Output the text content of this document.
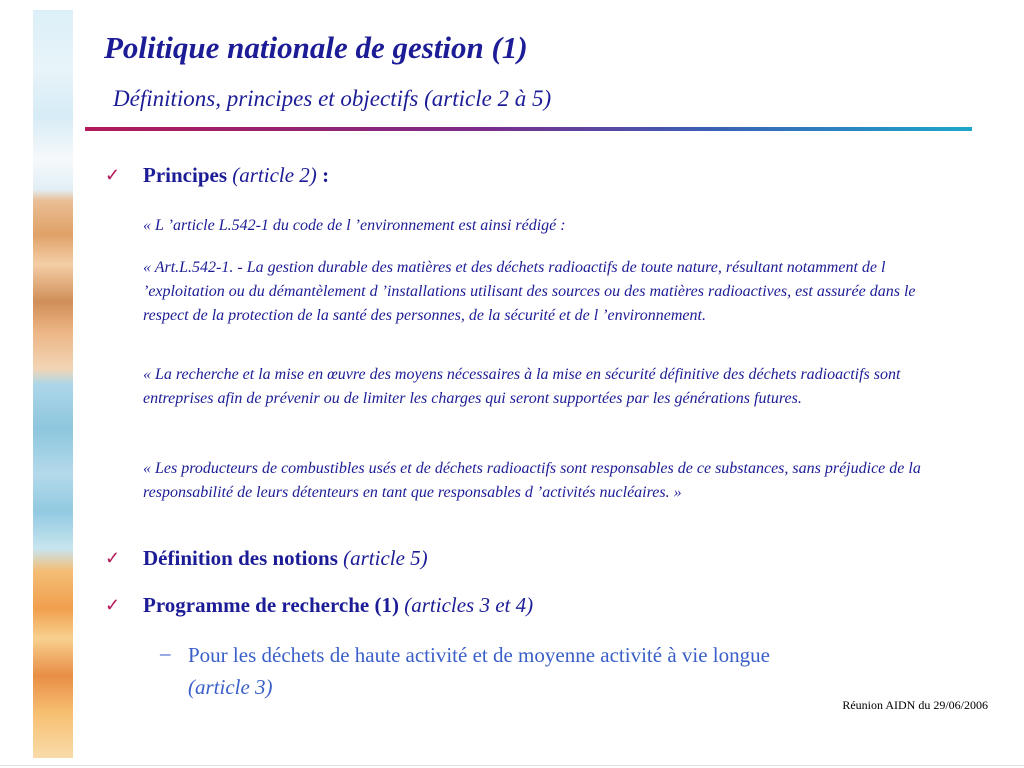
Politique nationale de gestion (1)
Définitions, principes et objectifs (article 2 à 5)
✓ Principes (article 2) :

« L ’article L.542-1 du code de l ’environnement est ainsi rédigé :

« Art.L.542-1. - La gestion durable des matières et des déchets radioactifs de toute nature, résultant notamment de l ’exploitation ou du démantèlement d ’installations utilisant des sources ou des matières radioactives, est assurée dans le respect de la protection de la santé des personnes, de la sécurité et de l ’environnement.

« La recherche et la mise en œuvre des moyens nécessaires à la mise en sécurité définitive des déchets radioactifs sont entreprises afin de prévenir ou de limiter les charges qui seront supportées par les générations futures.

« Les producteurs de combustibles usés et de déchets radioactifs sont responsables de ce substances, sans préjudice de la responsabilité de leurs détenteurs en tant que responsables d ’activités nucléaires. »

✓ Définition des notions (article 5)
✓ Programme de recherche (1) (articles 3 et 4)
– Pour les déchets de haute activité et de moyenne activité à vie longue
(article 3)
Réunion AIDN du 29/06/2006
